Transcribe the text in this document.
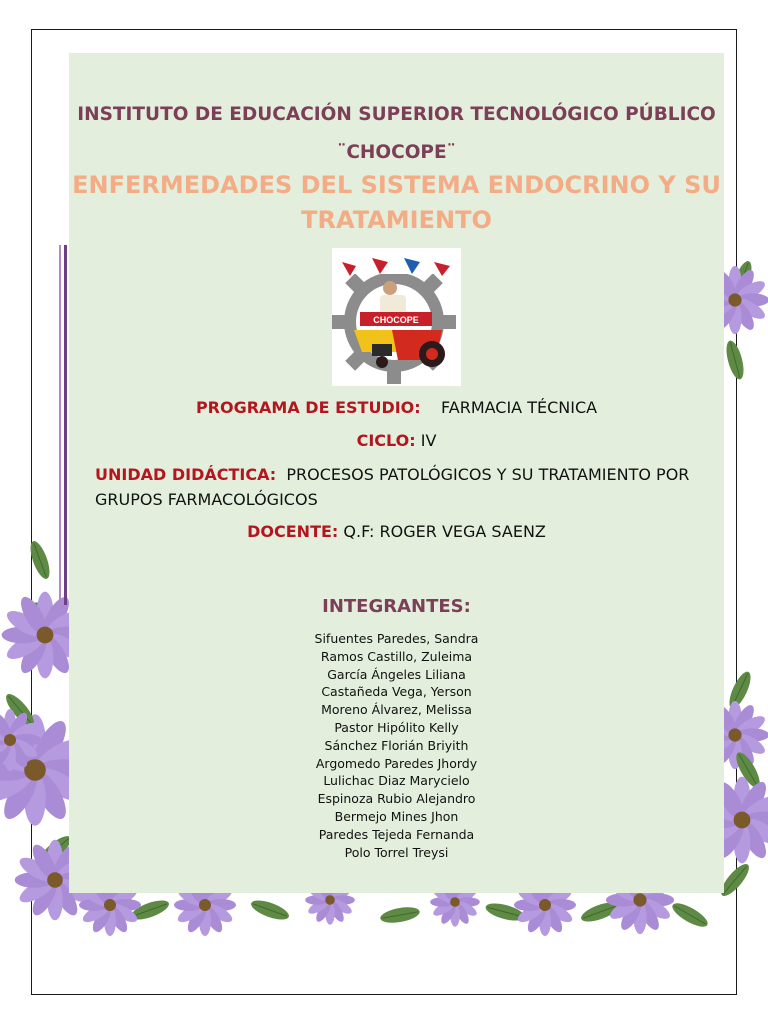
INSTITUTO DE EDUCACIÓN SUPERIOR TECNOLÓGICO PÚBLICO
¨CHOCOPE¨
ENFERMEDADES DEL SISTEMA ENDOCRINO Y SU
TRATAMIENTO
CHOCOPE
PROGRAMA DE ESTUDIO: FARMACIA TÉCNICA
CICLO: IV
UNIDAD DIDÁCTICA: PROCESOS PATOLÓGICOS Y SU TRATAMIENTO POR GRUPOS FARMACOLÓGICOS
DOCENTE: Q.F: ROGER VEGA SAENZ
INTEGRANTES:
Sifuentes Paredes, Sandra
Ramos Castillo, Zuleima
García Ángeles Liliana
Castañeda Vega, Yerson
Moreno Álvarez, Melissa
Pastor Hipólito Kelly
Sánchez Florián Briyith
Argomedo Paredes Jhordy
Lulichac Diaz Marycielo
Espinoza Rubio Alejandro
Bermejo Mines Jhon
Paredes Tejeda Fernanda
Polo Torrel Treysi
